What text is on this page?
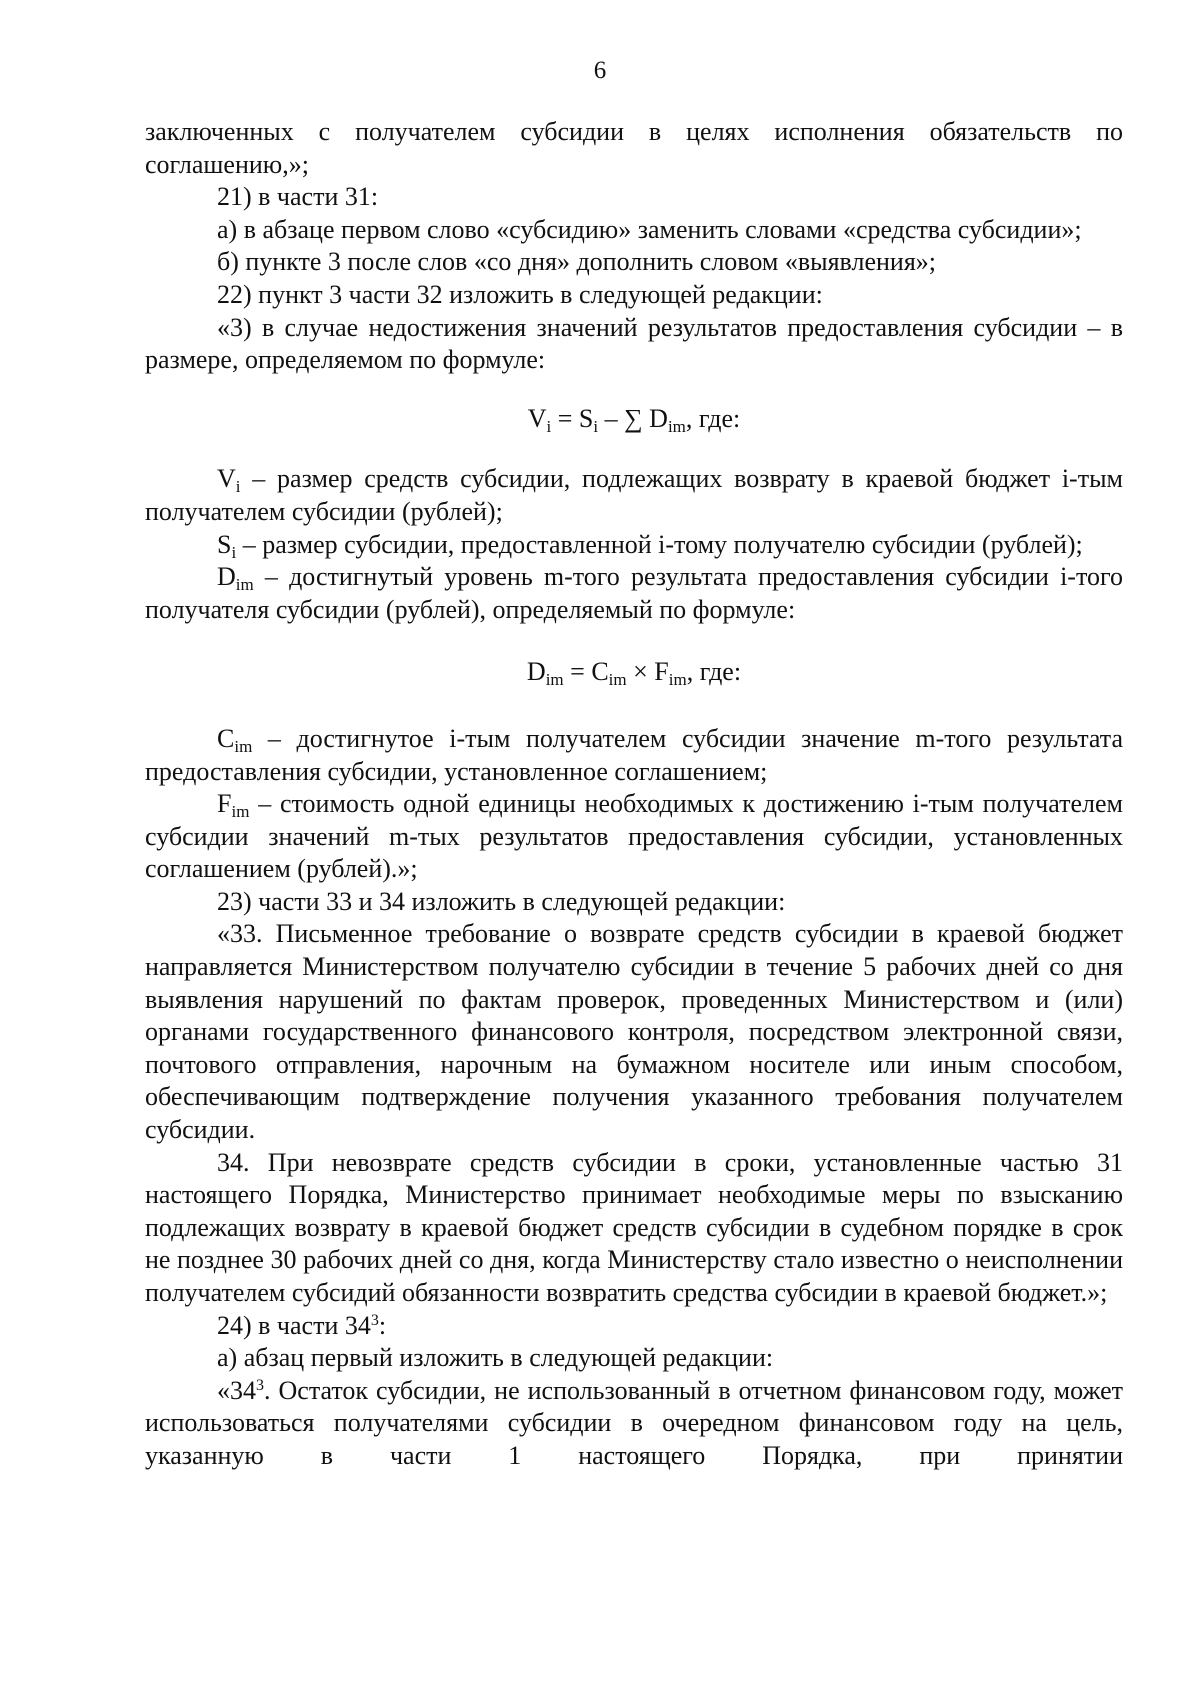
6

заключенных с получателем субсидии в целях исполнения обязательств по соглашению,»;

21) в части 31:

а) в абзаце первом слово «субсидию» заменить словами «средства субсидии»;

б) пункте 3 после слов «со дня» дополнить словом «выявления»;

22) пункт 3 части 32 изложить в следующей редакции:

«3) в случае недостижения значений результатов предоставления субсидии – в размере, определяемом по формуле:

$V_i = S_i$ – ∑ $D_{im}$, где:

$V_i$ – размер средств субсидии, подлежащих возврату в краевой бюджет i-тым получателем субсидии (рублей);

$S_i$ – размер субсидии, предоставленной i-тому получателю субсидии (рублей);

$D_{im}$ – достигнутый уровень m-того результата предоставления субсидии i-того получателя субсидии (рублей), определяемый по формуле:

$D_{im} = C_{im} \times F_{im}$, где:

$C_{im}$ – достигнутое i-тым получателем субсидии значение m-того результата предоставления субсидии, установленное соглашением;

$F_{im}$ – стоимость одной единицы необходимых к достижению i-тым получателем субсидии значений m-тых результатов предоставления субсидии, установленных соглашением (рублей).»;

23) части 33 и 34 изложить в следующей редакции:

«33. Письменное требование о возврате средств субсидии в краевой бюджет направляется Министерством получателю субсидии в течение 5 рабочих дней со дня выявления нарушений по фактам проверок, проведенных Министерством и (или) органами государственного финансового контроля, посредством электронной связи, почтового отправления, нарочным на бумажном носителе или иным способом, обеспечивающим подтверждение получения указанного требования получателем субсидии.

34. При невозврате средств субсидии в сроки, установленные частью 31 настоящего Порядка, Министерство принимает необходимые меры по взысканию подлежащих возврату в краевой бюджет средств субсидии в судебном порядке в срок не позднее 30 рабочих дней со дня, когда Министерству стало известно о неисполнении получателем субсидий обязанности возвратить средства субсидии в краевой бюджет.»;

24) в части $34^3$:

а) абзац первый изложить в следующей редакции:

«$34^3$. Остаток субсидии, не использованный в отчетном финансовом году, может использоваться получателями субсидии в очередном финансовом году на цель, указанную в части 1 настоящего Порядка, при принятии
